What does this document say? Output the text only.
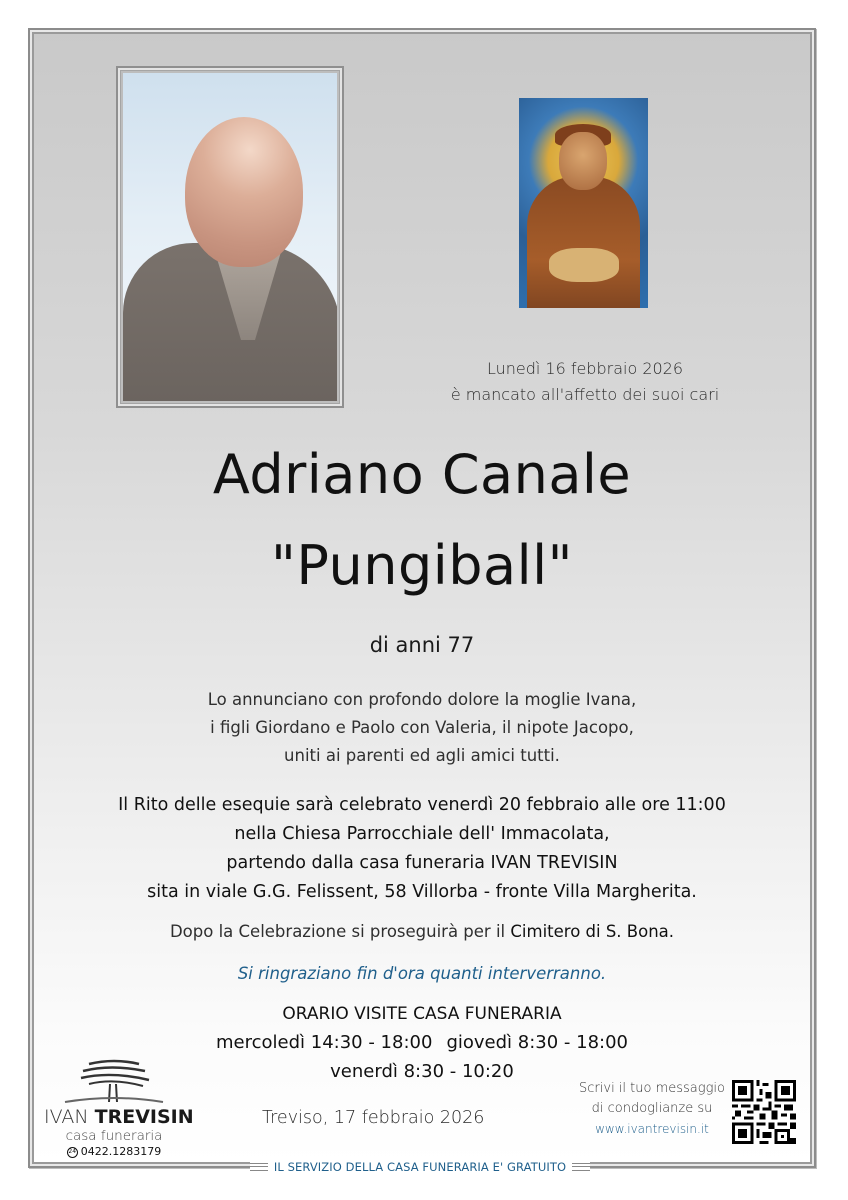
Lunedì 16 febbraio 2026
è mancato all'affetto dei suoi cari
Adriano Canale
"Pungiball"
di anni 77
Lo annunciano con profondo dolore la moglie Ivana,
i figli Giordano e Paolo con Valeria, il nipote Jacopo,
uniti ai parenti ed agli amici tutti.
Il Rito delle esequie sarà celebrato venerdì 20 febbraio alle ore 11:00
nella Chiesa Parrocchiale dell' Immacolata,
partendo dalla casa funeraria IVAN TREVISIN
sita in viale G.G. Felissent, 58 Villorba - fronte Villa Margherita.
Dopo la Celebrazione si proseguirà per il Cimitero di S. Bona.
Si ringraziano fin d'ora quanti interverranno.
ORARIO VISITE CASA FUNERARIA
mercoledì 14:30 - 18:00 giovedì 8:30 - 18:00
venerdì 8:30 - 10:20
IVAN TREVISIN
casa funeraria
24 0422.1283179
Treviso, 17 febbraio 2026
Scrivi il tuo messaggio
di condoglianze su
www.ivantrevisin.it
IL SERVIZIO DELLA CASA FUNERARIA E' GRATUITO
